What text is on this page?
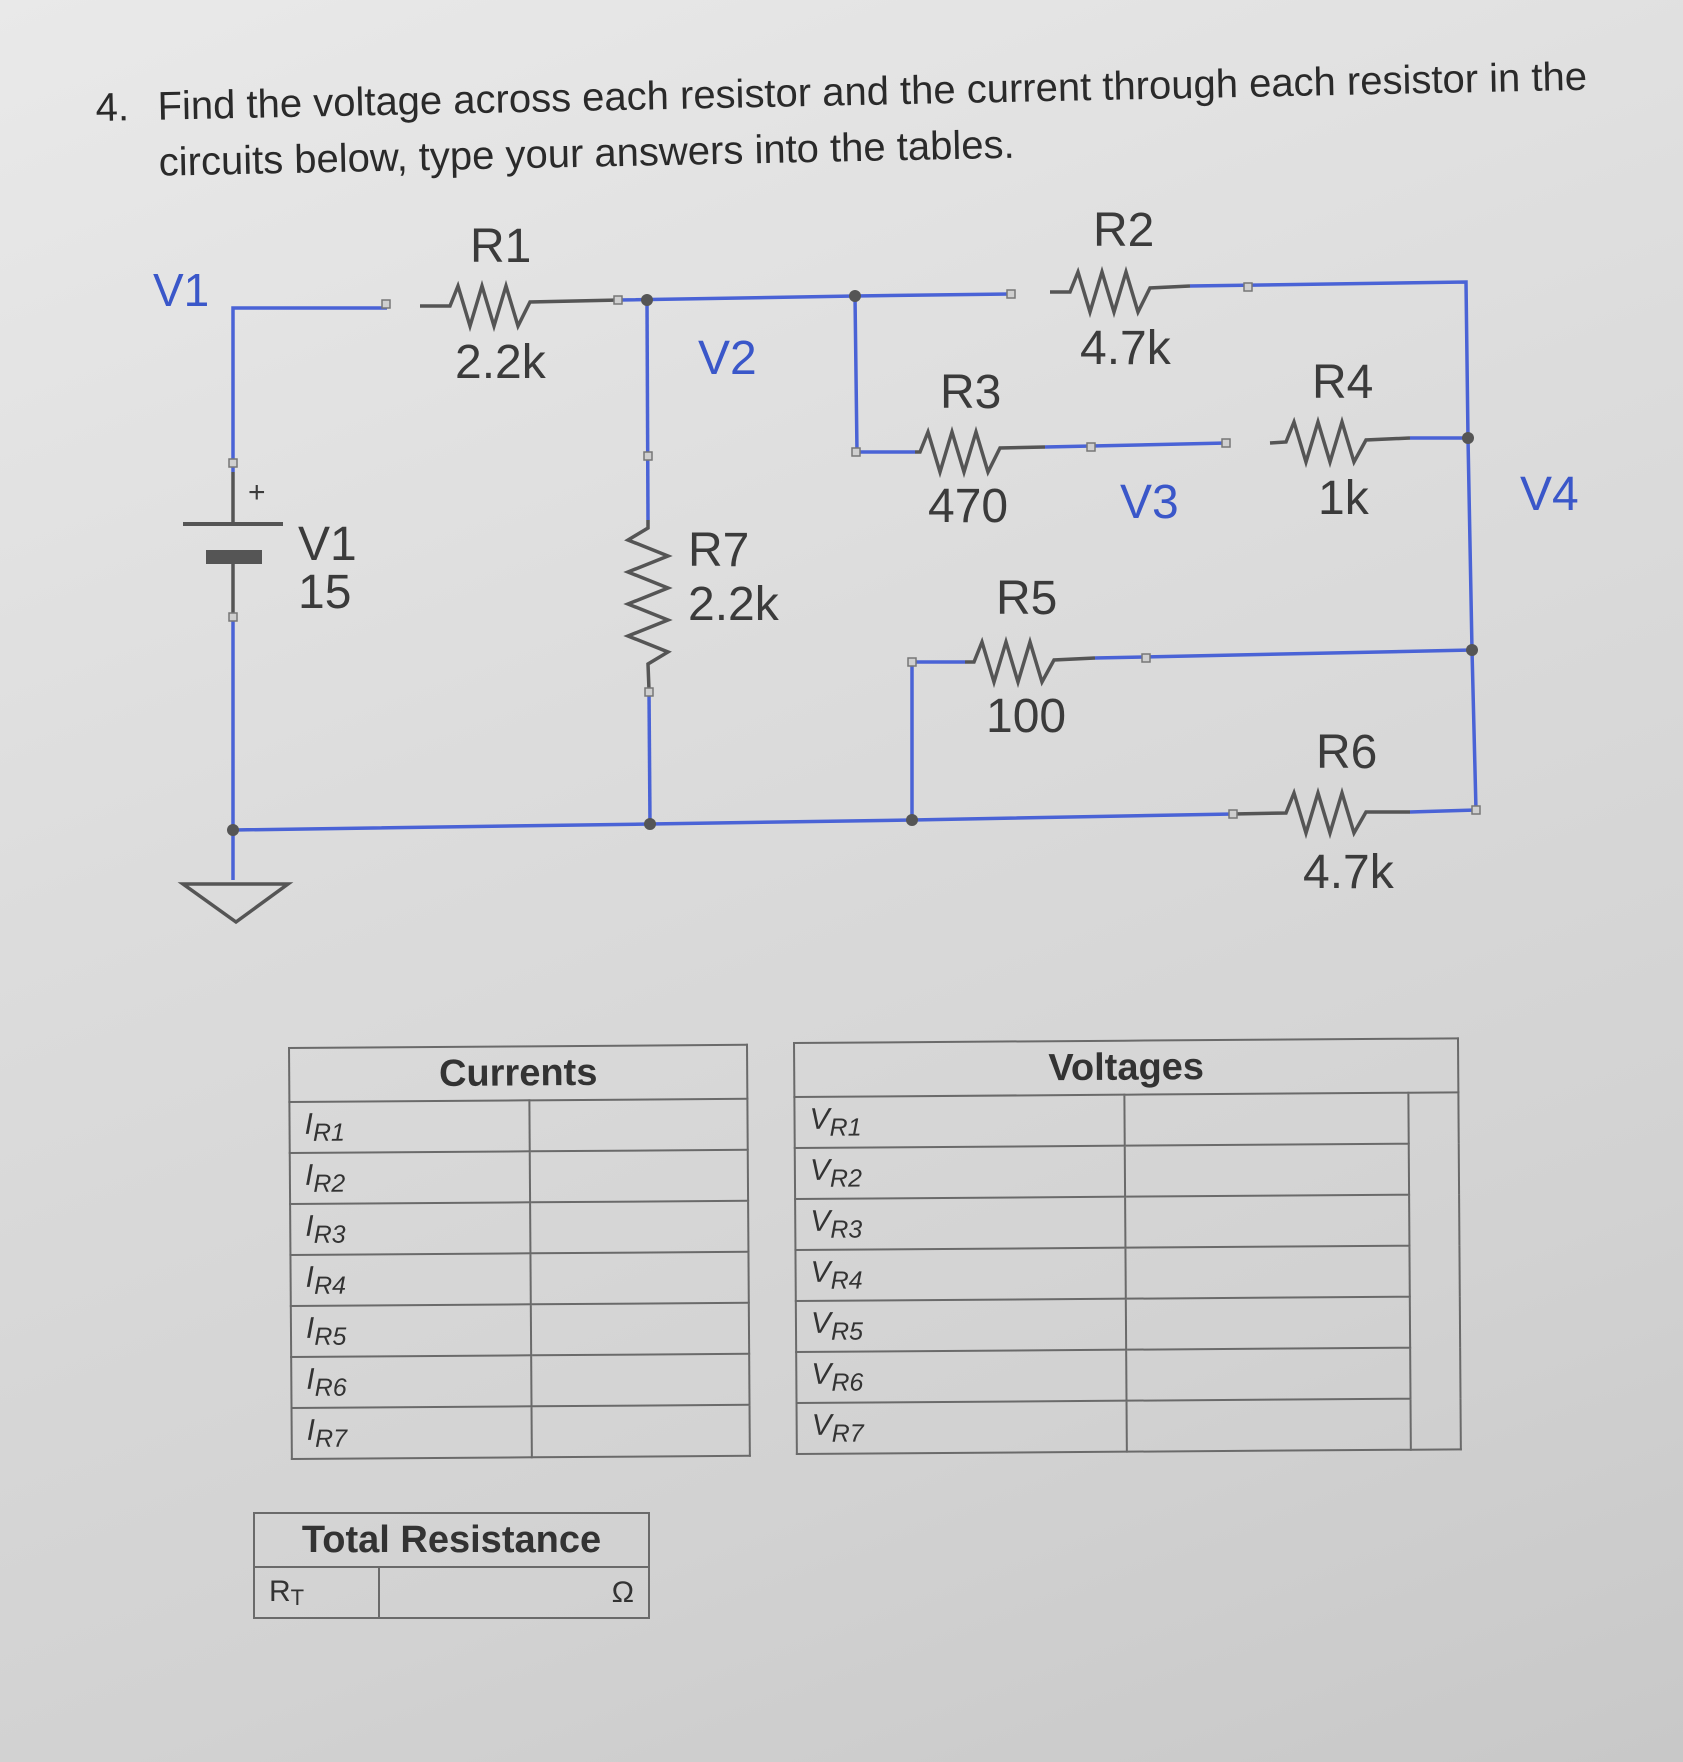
4. Find the voltage across each resistor and the current through each resistor in the circuits below, type your answers into the tables.
V1
V2
V3	V4
+
V1
15
R1
2.2k
R2
4.7k
R3
470
R4
1k
R5
100
R6
4.7k
R7
2.2k
Currents	
$I_{R1}$	
$I_{R2}$	
$I_{R3}$	
$I_{R4}$	
$I_{R5}$	
$I_{R6}$	
$I_{R7}$	
Voltages		
$V_{R1}$		
$V_{R2}$		
$V_{R3}$		
$V_{R4}$		
$V_{R5}$		
$V_{R6}$		
$V_{R7}$		
Total Resistance
$R_T$	Ω
